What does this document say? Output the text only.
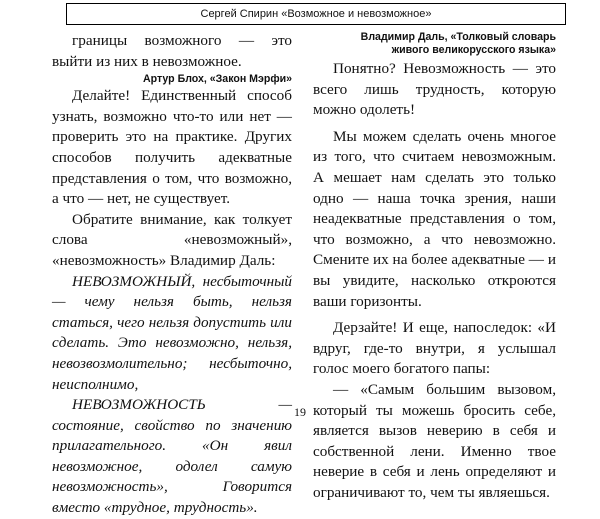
Сергей Спирин «Возможное и невозможное»

границы возможного — это выйти из них в невозможное.

Артур Блох, «Закон Мэрфи»

Делайте! Единственный способ узнать, возможно что-то или нет — проверить это на практике. Других способов получить адекватные представления о том, что возможно, а что — нет, не существует.

Обратите внимание, как толкует слова «невозможный», «невозможность» Владимир Даль:

НЕВОЗМОЖНЫЙ, несбыточный — чему нельзя быть, нельзя статься, чего нельзя допустить или сделать. Это невозможно, нельзя, невозвозмолительно; несбыточно, неисполнимо,

НЕВОЗМОЖНОСТЬ — состояние, свойство по значению прилагательного. «Он явил невозможное, одолел самую невозможность», Говорится вместо «трудное, трудность».

Владимир Даль, «Толковый словарь
живого великорусского языка»

Понятно? Невозможность — это всего лишь трудность, которую можно одолеть!

Мы можем сделать очень многое из того, что считаем невозможным. А мешает нам сделать это только одно — наша точка зрения, наши неадекватные представления о том, что возможно, а что невозможно. Смените их на более адекватные — и вы увидите, насколько откроются ваши горизонты.

Дерзайте! И еще, напоследок: «И вдруг, где-то внутри, я услышал голос моего богатого папы:

— «Самым большим вызовом, который ты можешь бросить себе, является вызов неверию в себя и собственной лени. Именно твое неверие в себя и лень определяют и ограничивают то, чем ты являешься.

19
